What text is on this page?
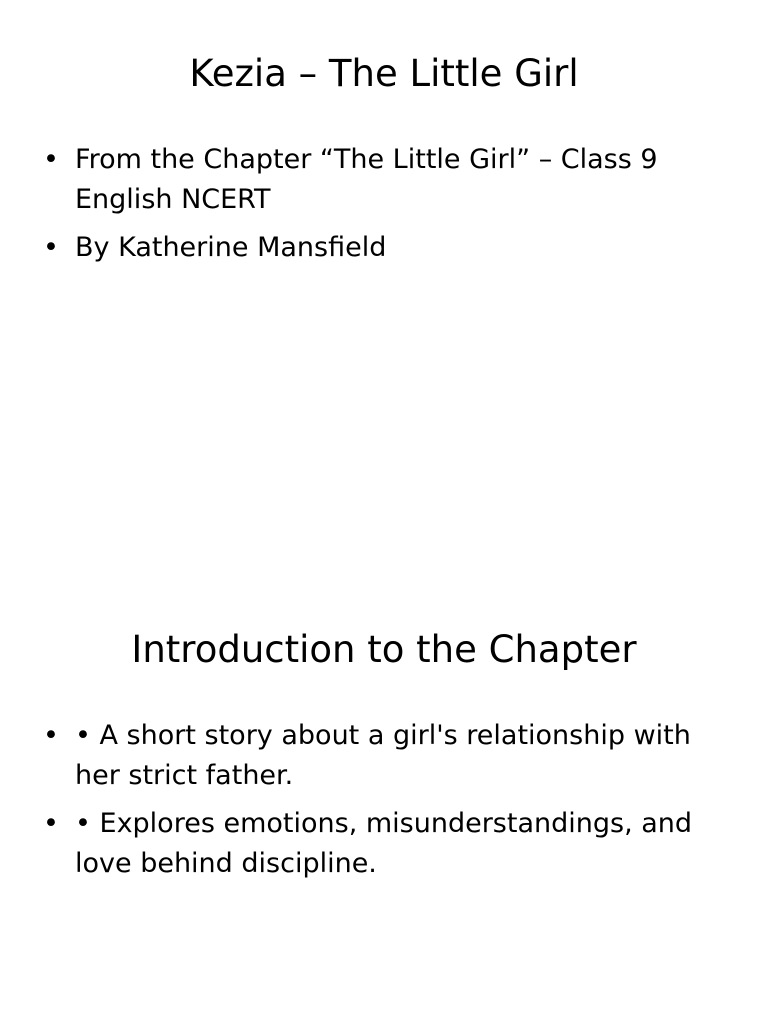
Kezia – The Little Girl
• From the Chapter “The Little Girl” – Class 9 English NCERT
• By Katherine Mansfield
Introduction to the Chapter
• • A short story about a girl's relationship with her strict father.
• • Explores emotions, misunderstandings, and love behind discipline.
